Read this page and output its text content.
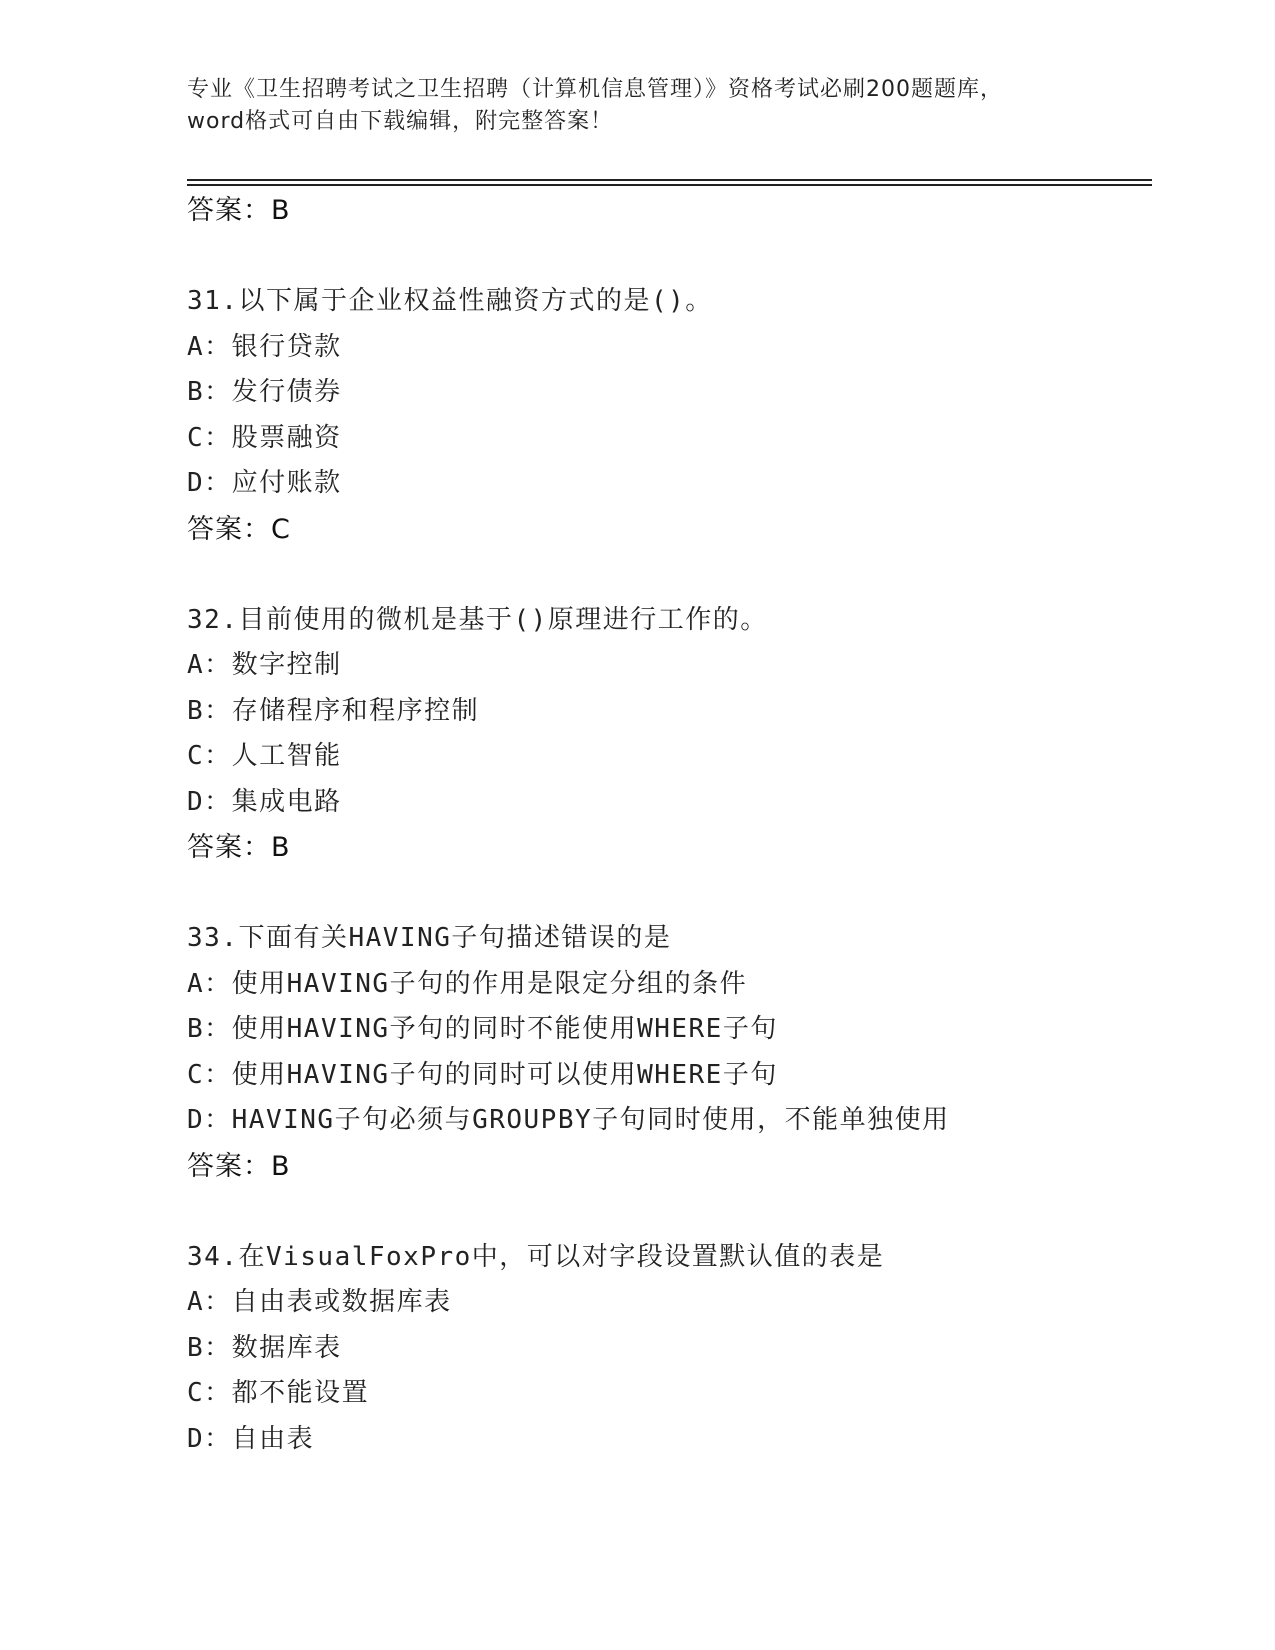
专业《卫生招聘考试之卫生招聘（计算机信息管理）》资格考试必刷200题题库，
word格式可自由下载编辑，附完整答案！
答案：B
31.以下属于企业权益性融资方式的是()。
A：银行贷款
B：发行债券
C：股票融资
D：应付账款
答案：C
32.目前使用的微机是基于()原理进行工作的。
A：数字控制
B：存储程序和程序控制
C：人工智能
D：集成电路
答案：B
33.下面有关HAVING子句描述错误的是
A：使用HAVING子句的作用是限定分组的条件
B：使用HAVING予句的同时不能使用WHERE子句
C：使用HAVING子句的同时可以使用WHERE子句
D：HAVING子句必须与GROUPBY子句同时使用，不能单独使用
答案：B
34.在VisualFoxPro中，可以对字段设置默认值的表是
A：自由表或数据库表
B：数据库表
C：都不能设置
D：自由表
